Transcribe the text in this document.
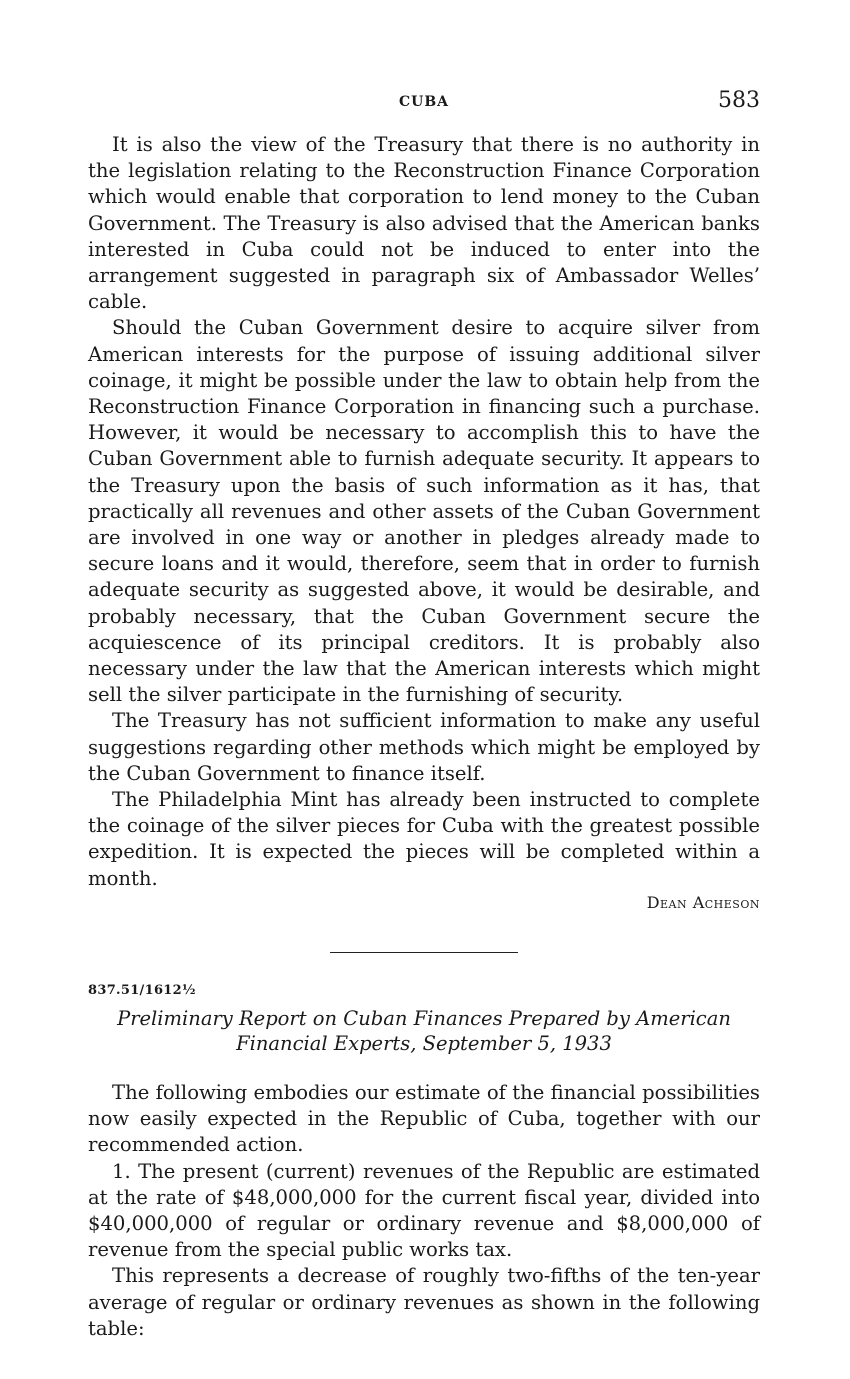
CUBA	583

It is also the view of the Treasury that there is no authority in the legislation relating to the Reconstruction Finance Corporation which would enable that corporation to lend money to the Cuban Government. The Treasury is also advised that the American banks interested in Cuba could not be induced to enter into the arrangement suggested in paragraph six of Ambassador Welles’ cable.

Should the Cuban Government desire to acquire silver from American interests for the purpose of issuing additional silver coinage, it might be possible under the law to obtain help from the Reconstruction Finance Corporation in financing such a purchase. However, it would be necessary to accomplish this to have the Cuban Government able to furnish adequate security. It appears to the Treasury upon the basis of such information as it has, that practically all revenues and other assets of the Cuban Government are involved in one way or another in pledges already made to secure loans and it would, therefore, seem that in order to furnish adequate security as suggested above, it would be desirable, and probably necessary, that the Cuban Government secure the acquiescence of its principal creditors. It is probably also necessary under the law that the American interests which might sell the silver participate in the furnishing of security.

The Treasury has not sufficient information to make any useful suggestions regarding other methods which might be employed by the Cuban Government to finance itself.

The Philadelphia Mint has already been instructed to complete the coinage of the silver pieces for Cuba with the greatest possible expedition. It is expected the pieces will be completed within a month.

Dean Acheson
837.51/1612½
Preliminary Report on Cuban Finances Prepared by American Financial Experts, September 5, 1933

The following embodies our estimate of the financial possibilities now easily expected in the Republic of Cuba, together with our recommended action.

1. The present (current) revenues of the Republic are estimated at the rate of $48,000,000 for the current fiscal year, divided into $40,000,000 of regular or ordinary revenue and $8,000,000 of revenue from the special public works tax.

This represents a decrease of roughly two-fifths of the ten-year average of regular or ordinary revenues as shown in the following table:
